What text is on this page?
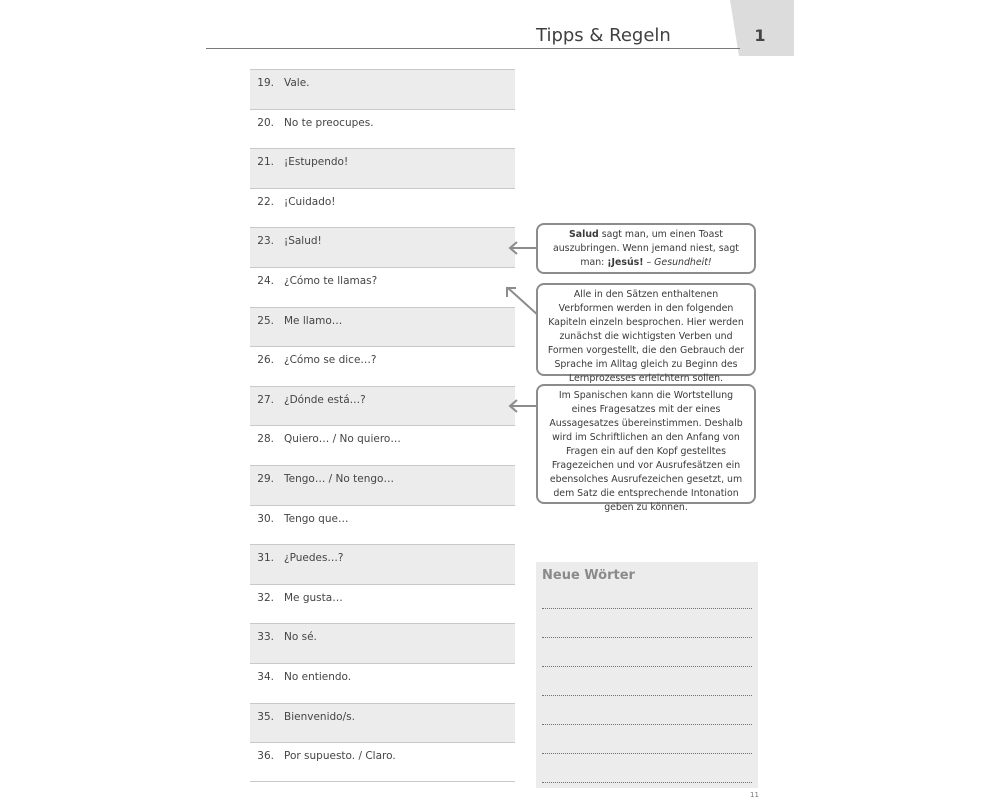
1
Tipps & Regeln
19. Vale.
20. No te preocupes.
21. ¡Estupendo!
22. ¡Cuidado!
23. ¡Salud!
24. ¿Cómo te llamas?
25. Me llamo…
26. ¿Cómo se dice…?
27. ¿Dónde está…?
28. Quiero… / No quiero…
29. Tengo… / No tengo…
30. Tengo que…
31. ¿Puedes…?
32. Me gusta…
33. No sé.
34. No entiendo.
35. Bienvenido/s.
36. Por supuesto. / Claro.
Salud sagt man, um einen Toast auszubringen. Wenn jemand niest, sagt man: ¡Jesús! – Gesundheit!
Alle in den Sätzen enthaltenen Verbformen werden in den folgenden Kapiteln einzeln besprochen. Hier werden zunächst die wichtigsten Verben und Formen vorgestellt, die den Gebrauch der Sprache im Alltag gleich zu Beginn des Lernprozesses erleichtern sollen.
Im Spanischen kann die Wortstellung eines Fragesatzes mit der eines Aussagesatzes übereinstimmen. Deshalb wird im Schriftlichen an den Anfang von Fragen ein auf den Kopf gestelltes Fragezeichen und vor Ausrufesätzen ein ebensolches Ausrufezeichen gesetzt, um dem Satz die entsprechende Intonation geben zu können.
Neue Wörter
11
